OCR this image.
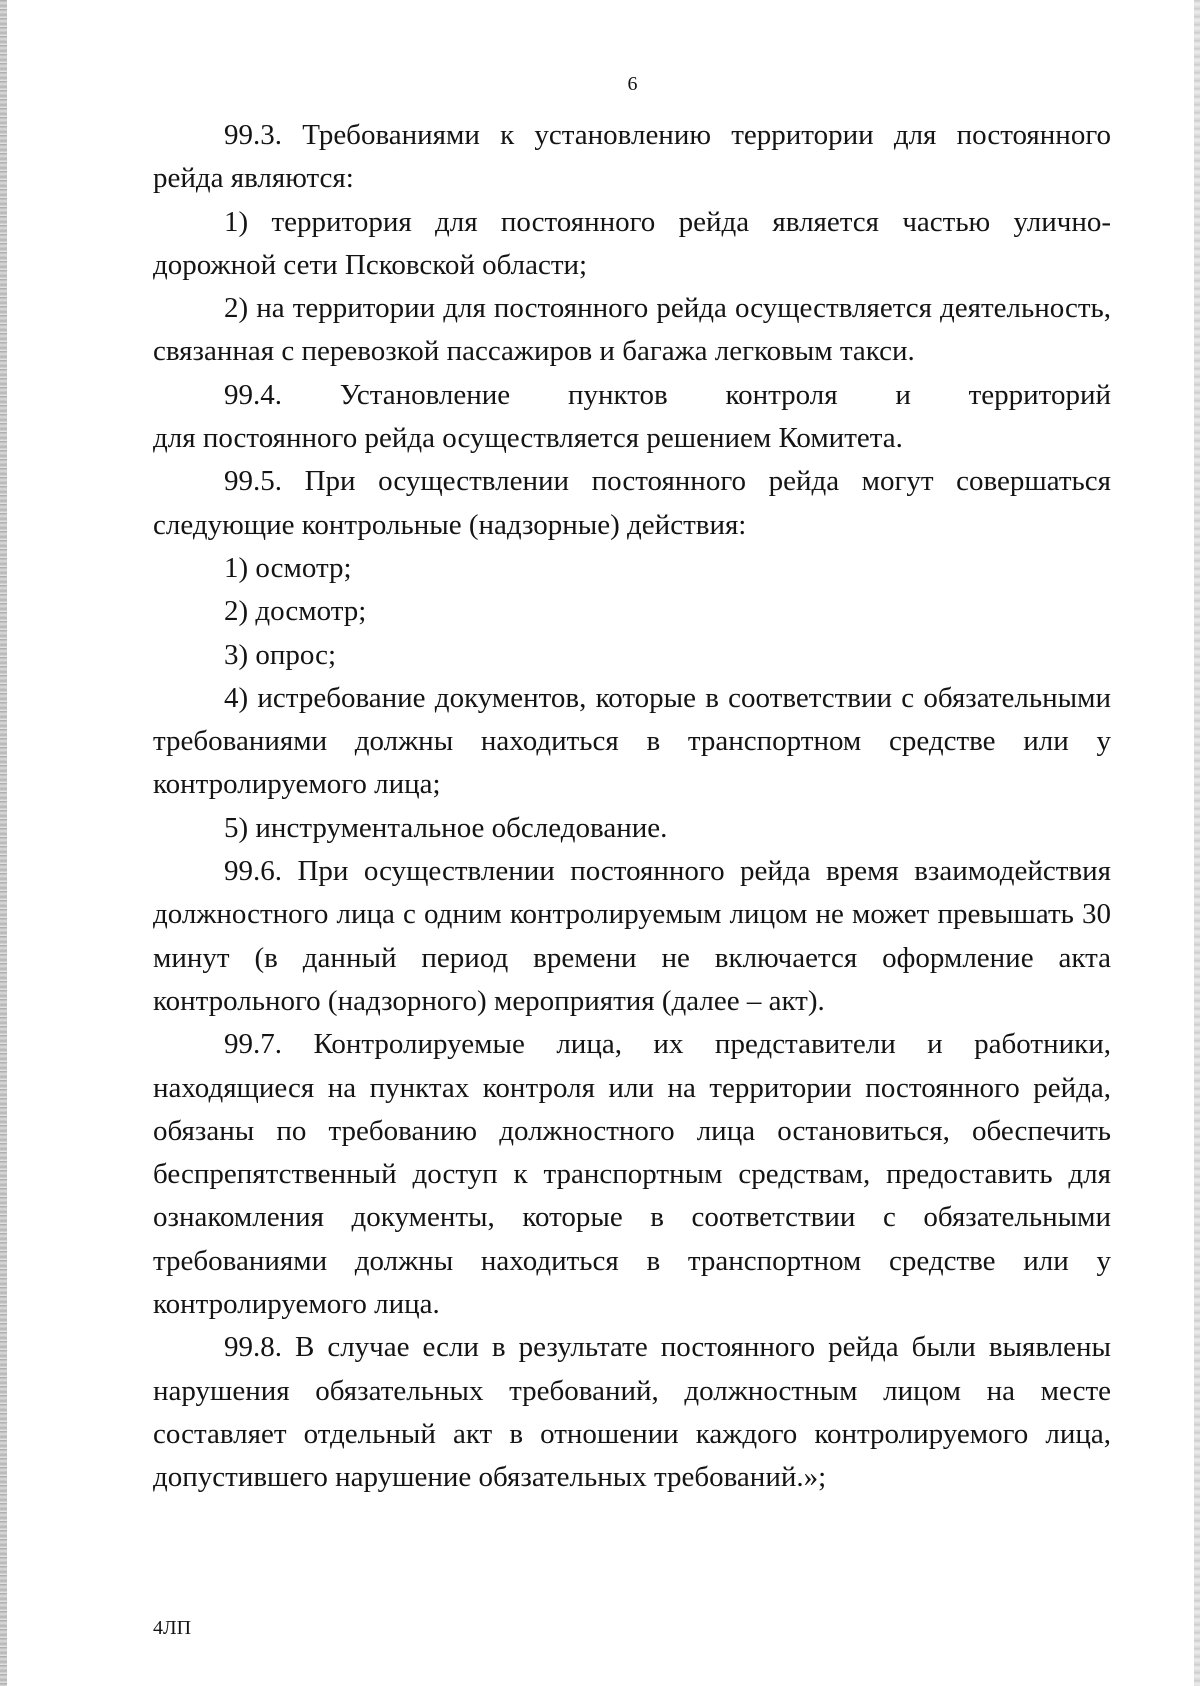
6

99.3. Требованиями к установлению территории для постоянного рейда являются:

1) территория для постоянного рейда является частью улично-дорожной сети Псковской области;

2) на территории для постоянного рейда осуществляется деятельность, связанная с перевозкой пассажиров и багажа легковым такси.

99.4. Установление пунктов контроля и территорий

для постоянного рейда осуществляется решением Комитета.

99.5. При осуществлении постоянного рейда могут совершаться следующие контрольные (надзорные) действия:

1) осмотр;

2) досмотр;

3) опрос;

4) истребование документов, которые в соответствии с обязательными требованиями должны находиться в транспортном средстве или у контролируемого лица;

5) инструментальное обследование.

99.6. При осуществлении постоянного рейда время взаимодействия должностного лица с одним контролируемым лицом не может превышать 30 минут (в данный период времени не включается оформление акта контрольного (надзорного) мероприятия (далее – акт).

99.7. Контролируемые лица, их представители и работники, находящиеся на пунктах контроля или на территории постоянного рейда, обязаны по требованию должностного лица остановиться, обеспечить беспрепятственный доступ к транспортным средствам, предоставить для ознакомления документы, которые в соответствии с обязательными требованиями должны находиться в транспортном средстве или у контролируемого лица.

99.8. В случае если в результате постоянного рейда были выявлены нарушения обязательных требований, должностным лицом на месте составляет отдельный акт в отношении каждого контролируемого лица, допустившего нарушение обязательных требований.»;

4ЛП
